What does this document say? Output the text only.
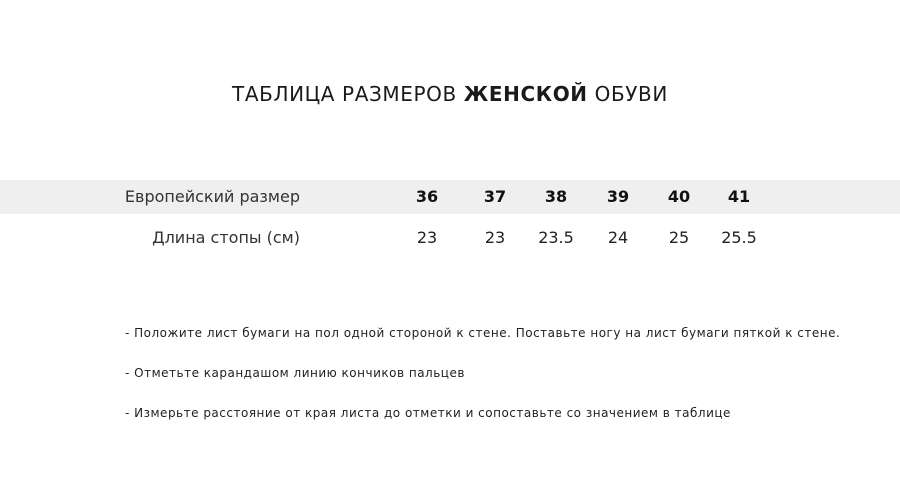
ТАБЛИЦА РАЗМЕРОВ ЖЕНСКОЙ ОБУВИ
Европейский размер	36	37	38	39	40	41
Длина стопы (см)	23	23	23.5	24	25	25.5
- Положите лист бумаги на пол одной стороной к стене. Поставьте ногу на лист бумаги пяткой к стене.
- Отметьте карандашом линию кончиков пальцев
- Измерьте расстояние от края листа до отметки и сопоставьте со значением в таблице
